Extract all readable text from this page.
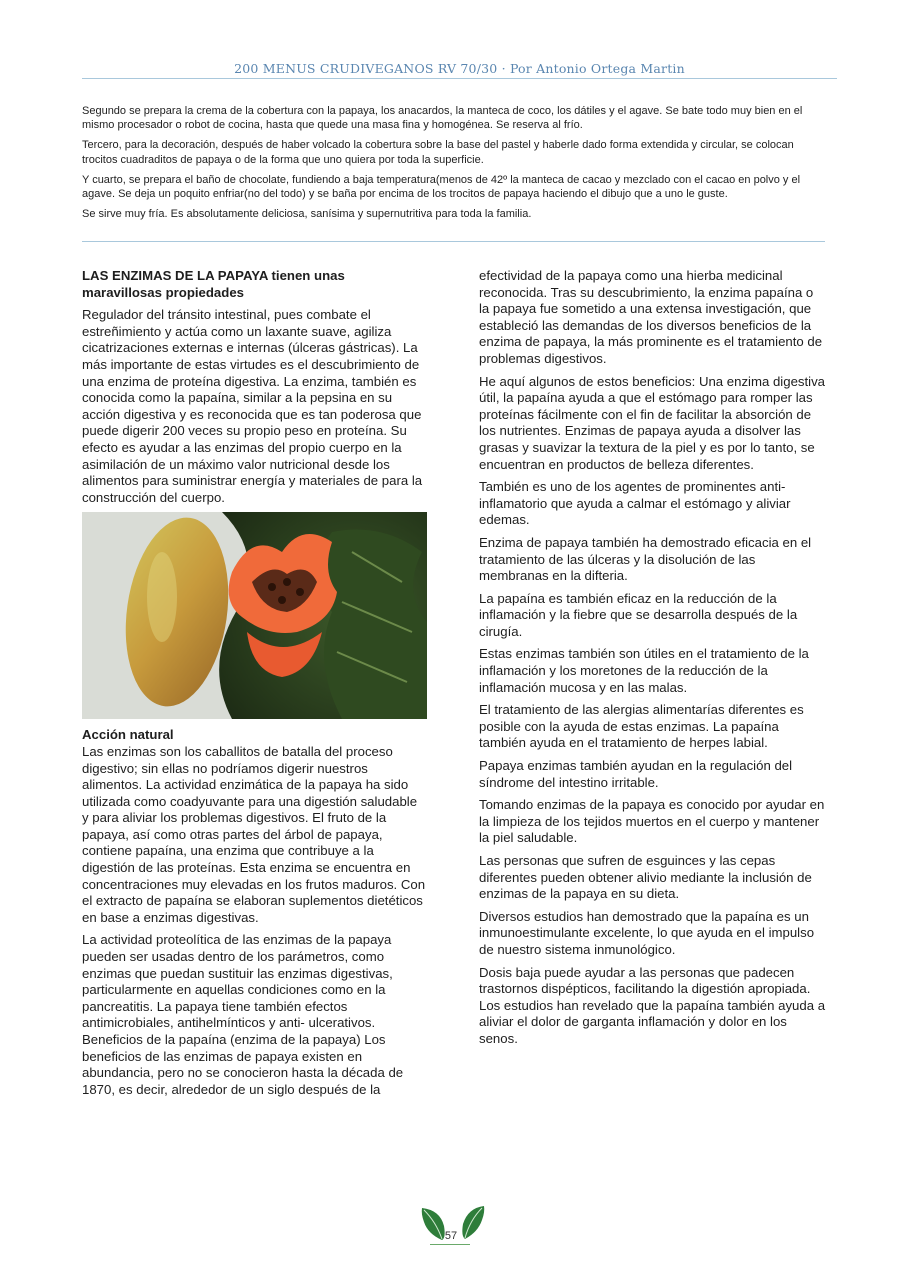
200 MENUS CRUDIVEGANOS RV 70/30 · Por Antonio Ortega Martin

Segundo se prepara la crema de la cobertura con la papaya, los anacardos, la manteca de coco, los dátiles y el agave. Se bate todo muy bien en el mismo procesador o robot de cocina, hasta que quede una masa fina y homogénea. Se reserva al frío.

Tercero, para la decoración, después de haber volcado la cobertura sobre la base del pastel y haberle dado forma extendida y circular, se colocan trocitos cuadraditos de papaya o de la forma que uno quiera por toda la superficie.

Y cuarto, se prepara el baño de chocolate, fundiendo a baja temperatura(menos de 42º la manteca de cacao y mezclado con el cacao en polvo y el agave. Se deja un poquito enfriar(no del todo) y se baña por encima de los trocitos de papaya haciendo el dibujo que a uno le guste.

Se sirve muy fría. Es absolutamente deliciosa, sanísima y supernutritiva para toda la familia.

LAS ENZIMAS DE LA PAPAYA tienen unas maravillosas propiedades

Regulador del tránsito intestinal, pues combate el estreñimiento y actúa como un laxante suave, agiliza cicatrizaciones externas e internas (úlceras gástricas). La más importante de estas virtudes es el descubrimiento de una enzima de proteína digestiva. La enzima, también es conocida como la papaína, similar a la pepsina en su acción digestiva y es reconocida que es tan poderosa que puede digerir 200 veces su propio peso en proteína. Su efecto es ayudar a las enzimas del propio cuerpo en la asimilación de un máximo valor nutricional desde los alimentos para suministrar energía y materiales de para la construcción del cuerpo.

Acción natural

Las enzimas son los caballitos de batalla del proceso digestivo; sin ellas no podríamos digerir nuestros alimentos. La actividad enzimática de la papaya ha sido utilizada como coadyuvante para una digestión saludable y para aliviar los problemas digestivos. El fruto de la papaya, así como otras partes del árbol de papaya, contiene papaína, una enzima que contribuye a la digestión de las proteínas. Esta enzima se encuentra en concentraciones muy elevadas en los frutos maduros. Con el extracto de papaína se elaboran suplementos dietéticos en base a enzimas digestivas.

La actividad proteolítica de las enzimas de la papaya pueden ser usadas dentro de los parámetros, como enzimas que puedan sustituir las enzimas digestivas, particularmente en aquellas condiciones como en la pancreatitis. La papaya tiene también efectos antimicrobiales, antihelmínticos y anti- ulcerativos. Beneficios de la papaína (enzima de la papaya) Los beneficios de las enzimas de papaya existen en abundancia, pero no se conocieron hasta la década de 1870, es decir, alrededor de un siglo después de la

efectividad de la papaya como una hierba medicinal reconocida. Tras su descubrimiento, la enzima papaína o la papaya fue sometido a una extensa investigación, que estableció las demandas de los diversos beneficios de la enzima de papaya, la más prominente es el tratamiento de problemas digestivos.

He aquí algunos de estos beneficios: Una enzima digestiva útil, la papaína ayuda a que el estómago para romper las proteínas fácilmente con el fin de facilitar la absorción de los nutrientes. Enzimas de papaya ayuda a disolver las grasas y suavizar la textura de la piel y es por lo tanto, se encuentran en productos de belleza diferentes.

También es uno de los agentes de prominentes anti-inflamatorio que ayuda a calmar el estómago y aliviar edemas.

Enzima de papaya también ha demostrado eficacia en el tratamiento de las úlceras y la disolución de las membranas en la difteria.

La papaína es también eficaz en la reducción de la inflamación y la fiebre que se desarrolla después de la cirugía.

Estas enzimas también son útiles en el tratamiento de la inflamación y los moretones de la reducción de la inflamación mucosa y en las malas.

El tratamiento de las alergias alimentarías diferentes es posible con la ayuda de estas enzimas. La papaína también ayuda en el tratamiento de herpes labial.

Papaya enzimas también ayudan en la regulación del síndrome del intestino irritable.

Tomando enzimas de la papaya es conocido por ayudar en la limpieza de los tejidos muertos en el cuerpo y mantener la piel saludable.

Las personas que sufren de esguinces y las cepas diferentes pueden obtener alivio mediante la inclusión de enzimas de la papaya en su dieta.

Diversos estudios han demostrado que la papaína es un inmunoestimulante excelente, lo que ayuda en el impulso de nuestro sistema inmunológico.

Dosis baja puede ayudar a las personas que padecen trastornos dispépticos, facilitando la digestión apropiada. Los estudios han revelado que la papaína también ayuda a aliviar el dolor de garganta inflamación y dolor en los senos.

57
